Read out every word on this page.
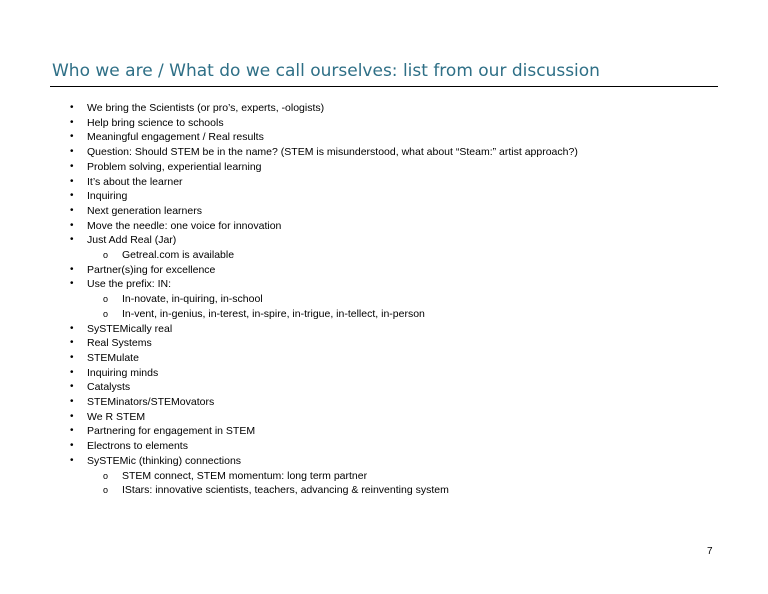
Who we are / What do we call ourselves: list from our discussion
• We bring the Scientists (or pro’s, experts, -ologists)
• Help bring science to schools
• Meaningful engagement / Real results
• Question: Should STEM be in the name? (STEM is misunderstood, what about “Steam:” artist approach?)
• Problem solving, experiential learning
• It’s about the learner
• Inquiring
• Next generation learners
• Move the needle: one voice for innovation
• Just Add Real (Jar)
o Getreal.com is available
• Partner(s)ing for excellence
• Use the prefix: IN:
o In-novate, in-quiring, in-school
o In-vent, in-genius, in-terest, in-spire, in-trigue, in-tellect, in-person
• SySTEMically real
• Real Systems
• STEMulate
• Inquiring minds
• Catalysts
• STEMinators/STEMovators
• We R STEM
• Partnering for engagement in STEM
• Electrons to elements
• SySTEMic (thinking) connections
o STEM connect, STEM momentum: long term partner
o IStars: innovative scientists, teachers, advancing & reinventing system
7
